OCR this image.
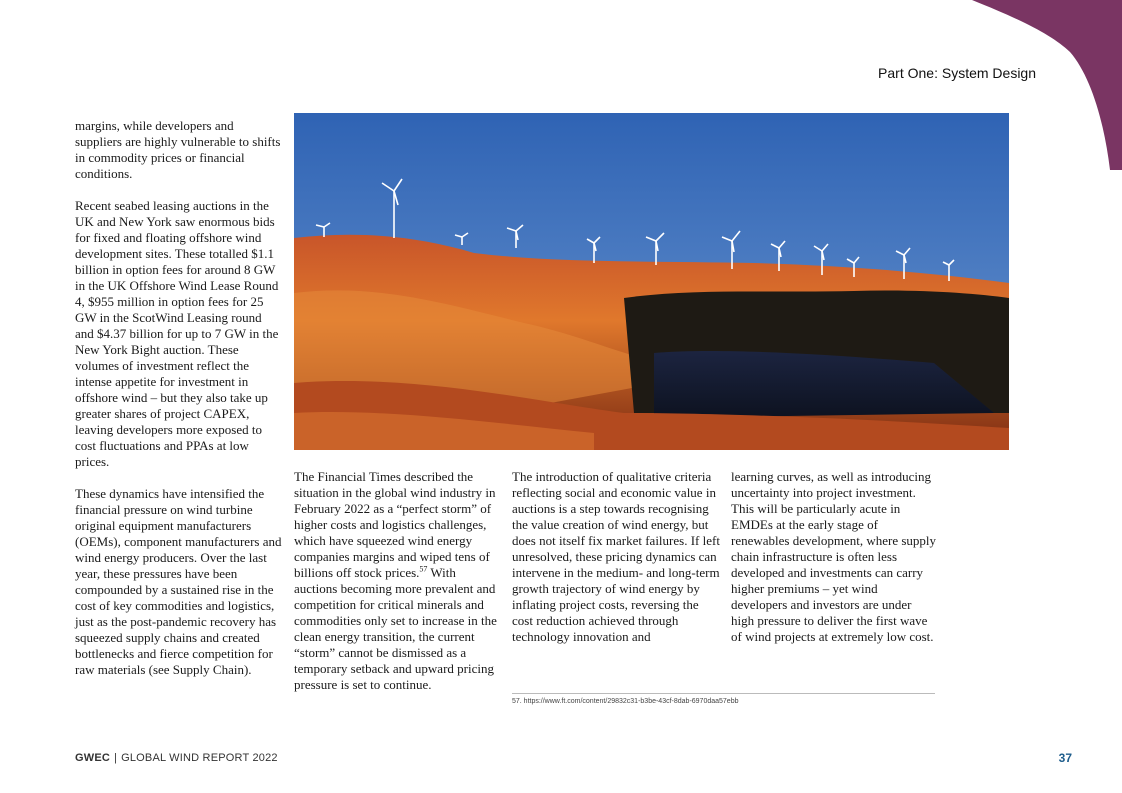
Part One: System Design

margins, while developers and suppliers are highly vulnerable to shifts in commodity prices or financial conditions.

Recent seabed leasing auctions in the UK and New York saw enormous bids for fixed and floating offshore wind development sites. These totalled $1.1 billion in option fees for around 8 GW in the UK Offshore Wind Lease Round 4, $955 million in option fees for 25 GW in the ScotWind Leasing round and $4.37 billion for up to 7 GW in the New York Bight auction. These volumes of investment reflect the intense appetite for investment in offshore wind – but they also take up greater shares of project CAPEX, leaving developers more exposed to cost fluctuations and PPAs at low prices.

These dynamics have intensified the financial pressure on wind turbine original equipment manufacturers (OEMs), component manufacturers and wind energy producers. Over the last year, these pressures have been compounded by a sustained rise in the cost of key commodities and logistics, just as the post-pandemic recovery has squeezed supply chains and created bottlenecks and fierce competition for raw materials (see Supply Chain).

The Financial Times described the situation in the global wind industry in February 2022 as a “perfect storm” of higher costs and logistics challenges, which have squeezed wind energy companies margins and wiped tens of billions off stock prices.$^{57}$ With auctions becoming more prevalent and competition for critical minerals and commodities only set to increase in the clean energy transition, the current “storm” cannot be dismissed as a temporary setback and upward pricing pressure is set to continue.

The introduction of qualitative criteria reflecting social and economic value in auctions is a step towards recognising the value creation of wind energy, but does not itself fix market failures. If left unresolved, these pricing dynamics can intervene in the medium- and long-term growth trajectory of wind energy by inflating project costs, reversing the cost reduction achieved through technology innovation and

learning curves, as well as introducing uncertainty into project investment. This will be particularly acute in EMDEs at the early stage of renewables development, where supply chain infrastructure is often less developed and investments can carry higher premiums – yet wind developers and investors are under high pressure to deliver the first wave of wind projects at extremely low cost.

57. https://www.ft.com/content/29832c31-b3be-43cf-8dab-6970daa57ebb
GWEC | GLOBAL WIND REPORT 2022	37
